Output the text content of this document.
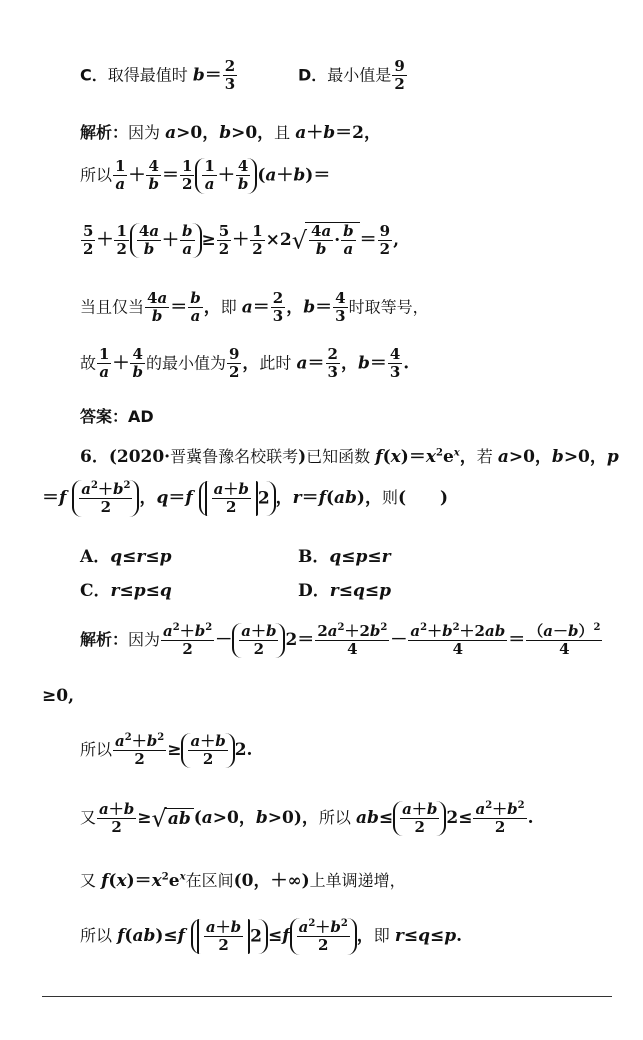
C．取得最值时 $b= \frac{2}{3}$	D．最小值是 $\frac{9}{2}$
解析：因为 a>0，b>0，且 a＋b＝2，
所以 $\frac{1}{a} + \frac{4}{b} = \frac{1}{2} \frac{1}{a} + \frac{4}{b} (a+b)=$
$\frac{5}{2} + \frac{1}{2} \frac{4a}{b} + \frac{b}{a} \ge \frac{5}{2} + \frac{1}{2} \times 2√ \frac{4a}{b} \cdot \frac{b}{a} = \frac{9}{2}$ ,
当且仅当 $\frac{4a}{b} = \frac{b}{a}$ ，即 $a= \frac{2}{3}$ ，$b= \frac{4}{3}$ 时取等号，
故 $\frac{1}{a} + \frac{4}{b}$ 的最小值为 $\frac{9}{2}$ ，此时 $a= \frac{2}{3}$ ，$b= \frac{4}{3}$ .
答案：AD
6．(2020·晋冀鲁豫名校联考)已知函数 $f(x)=x^2e^x$，若 a>0，b>0，p
$=f \frac{a^2+b^2}{2}$ ，$q=f \frac{a+b}{2} 2$ ，r＝f(ab)，则(　　)
A．q≤r≤p	B．q≤p≤r
C．r≤p≤q	D．r≤q≤p
解析：因为 $\frac{a^2+b^2}{2} - \frac{a+b}{2} 2= \frac{2a^2+2b^2}{4} - \frac{a^2+b^2+2ab}{4} = \frac{(a-b)^2}{4}$
≥0,
所以 $\frac{a^2+b^2}{2} \ge \frac{a+b}{2} 2$.
又 $\frac{a+b}{2} \ge√ab$ (a>0，b>0)，所以 $ab\le \frac{a+b}{2} 2\le \frac{a^2+b^2}{2}$ .
又 $f(x)=x^2e^x$在区间(0，＋∞)上单调递增，
所以 $f(ab)\le f \frac{a+b}{2} 2 \le f \frac{a^2+b^2}{2}$ ，即 r≤q≤p.
